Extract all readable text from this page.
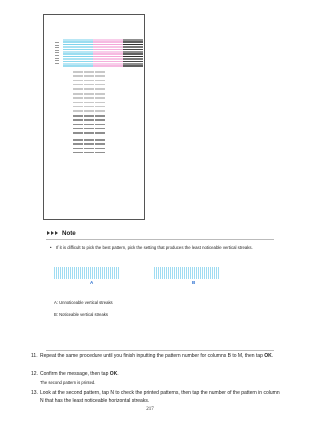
Note
• If it is difficult to pick the best pattern, pick the setting that produces the least noticeable vertical streaks.
A	B
A: Unnoticeable vertical streaks
B: Noticeable vertical streaks
11. Repeat the same procedure until you finish inputting the pattern number for columns B to M, then tap OK.
12. Confirm the message, then tap OK.
The second pattern is printed.
13. Look at the second pattern, tap N to check the printed patterns, then tap the number of the pattern in column N that has the least noticeable horizontal streaks.
217
